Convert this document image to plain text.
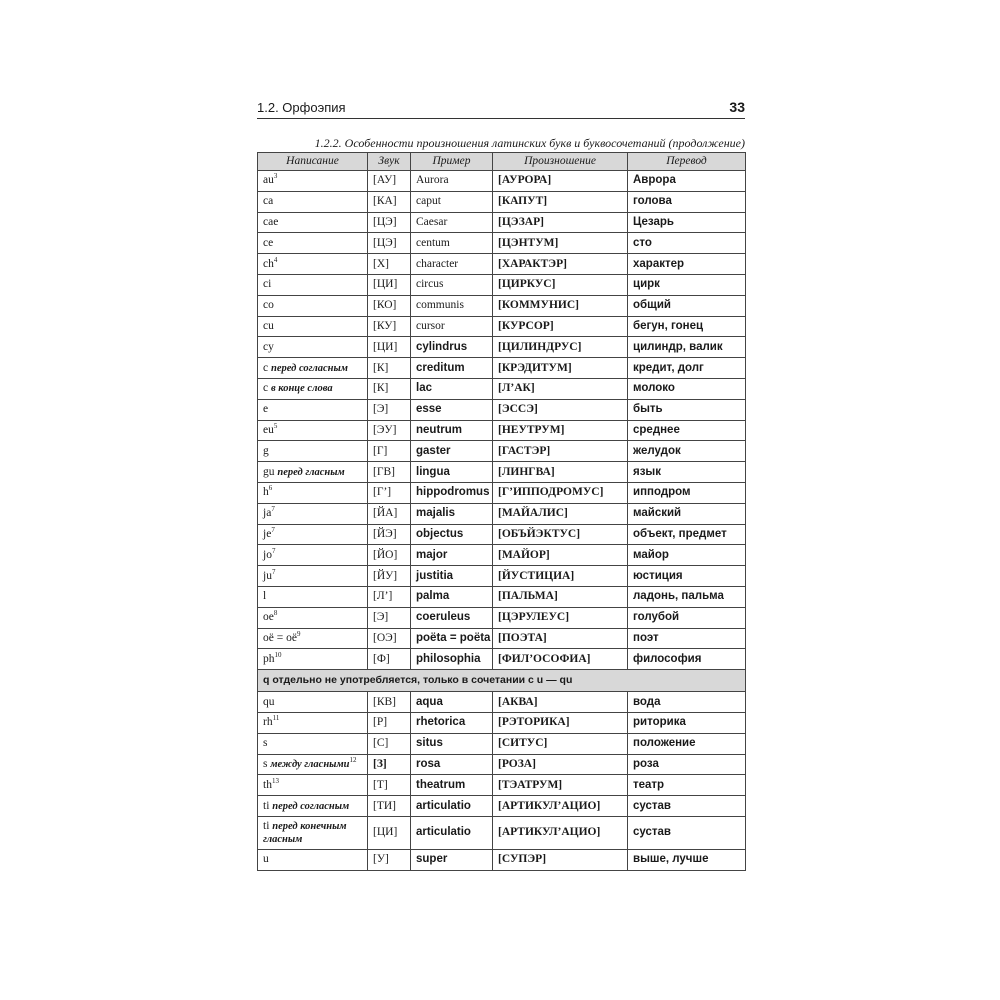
1.2. Орфоэпия	33
1.2.2. Особенности произношения латинских букв и буквосочетаний (продолжение)
Написание	Звук	Пример	Произношение	Перевод
$au^3$	[АУ]	Aurora	[АУРОРА]	Аврора
ca	[КА]	caput	[КАПУТ]	голова
cae	[ЦЭ]	Caesar	[ЦЭЗАР]	Цезарь
ce	[ЦЭ]	centum	[ЦЭНТУМ]	сто
$ch^4$	[Х]	character	[ХАРАКТЭР]	характер
ci	[ЦИ]	circus	[ЦИРКУС]	цирк
co	[КО]	communis	[КОММУНИС]	общий
cu	[КУ]	cursor	[КУРСОР]	бегун, гонец
cy	[ЦИ]	cylindrus	[ЦИЛИНДРУС]	цилиндр, валик
c перед согласным	[К]	creditum	[КРЭДИТУМ]	кредит, долг
c в конце слова	[К]	lac	[Л’АК]	молоко
e	[Э]	esse	[ЭССЭ]	быть
$eu^5$	[ЭУ]	neutrum	[НЕУТРУМ]	среднее
g	[Г]	gaster	[ГАСТЭР]	желудок
gu перед гласным	[ГВ]	lingua	[ЛИНГВА]	язык
$h^6$	[Г’]	hippodromus	[Г’ИППОДРОМУС]	ипподром
$ja^7$	[ЙА]	majalis	[МАЙАЛИС]	майский
$je^7$	[ЙЭ]	objectus	[ОБЪЙЭКТУС]	объект, предмет
$jo^7$	[ЙО]	major	[МАЙОР]	майор
$ju^7$	[ЙУ]	justitia	[ЙУСТИЦИА]	юстиция
l	[Л’]	palma	[ПАЛЬМА]	ладонь, пальма
$oe^8$	[Э]	coeruleus	[ЦЭРУЛЕУС]	голубой
oë = $oё^9$	[ОЭ]	poëta = poёta	[ПОЭТА]	поэт
$ph^{10}$	[Ф]	philosophia	[ФИЛ’ОСОФИА]	философия
q отдельно не употребляется, только в сочетании с u — qu				
qu	[КВ]	aqua	[АКВА]	вода
$rh^{11}$	[Р]	rhetorica	[РЭТОРИКА]	риторика
s	[С]	situs	[СИТУС]	положение
s между гласными$^{12}$	[З]	rosa	[РОЗА]	роза
$th^{13}$	[Т]	theatrum	[ТЭАТРУМ]	театр
ti перед согласным	[ТИ]	articulatio	[АРТИКУЛ’АЦИО]	сустав
ti перед конечным гласным	[ЦИ]	articulatio	[АРТИКУЛ’АЦИО]	сустав
u	[У]	super	[СУПЭР]	выше, лучше
